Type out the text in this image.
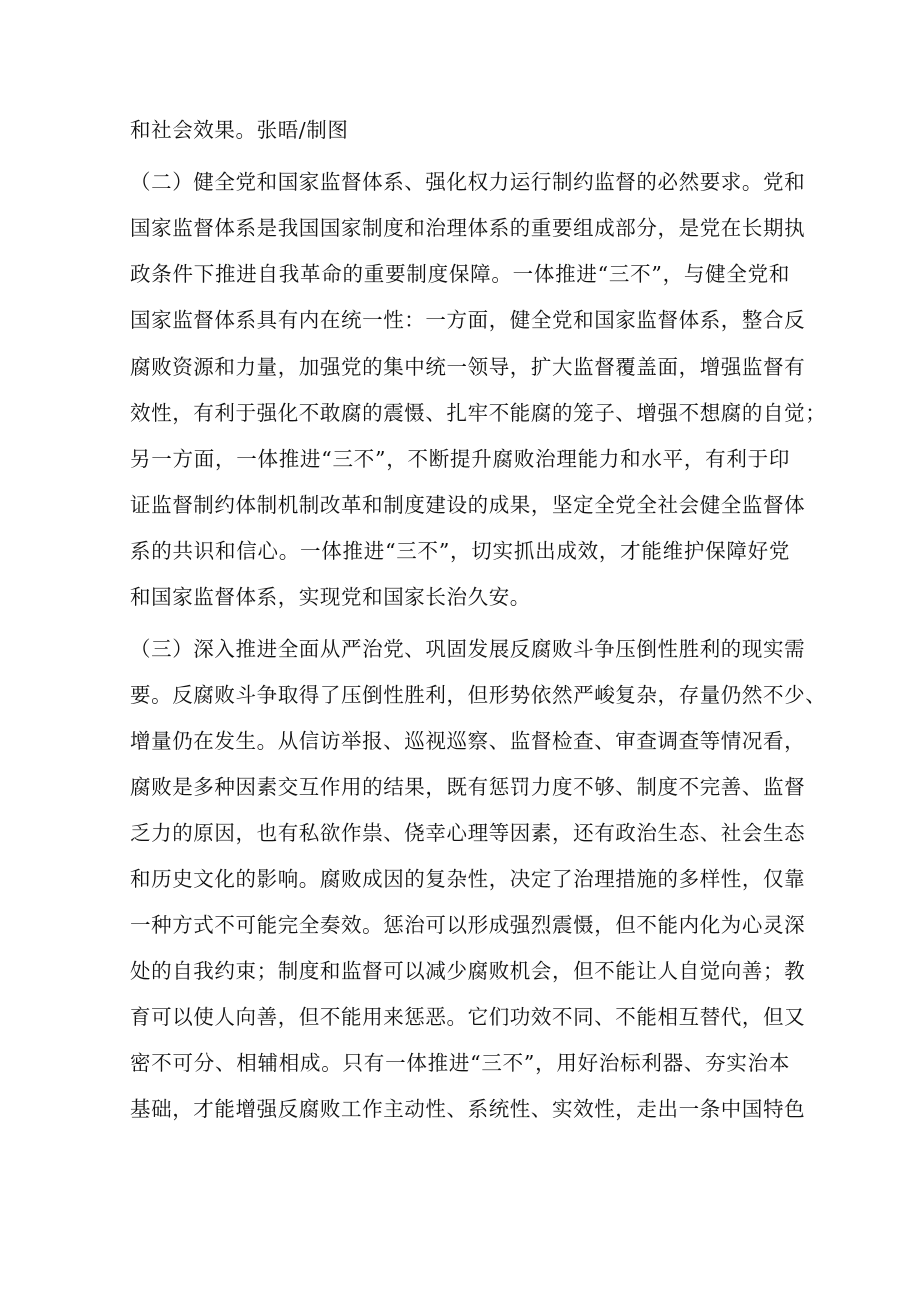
和社会效果。张晤/制图
（二）健全党和国家监督体系、强化权力运行制约监督的必然要求。党和
国家监督体系是我国国家制度和治理体系的重要组成部分，是党在长期执
政条件下推进自我革命的重要制度保障。一体推进“三不”，与健全党和
国家监督体系具有内在统一性：一方面，健全党和国家监督体系，整合反
腐败资源和力量，加强党的集中统一领导，扩大监督覆盖面，增强监督有
效性，有利于强化不敢腐的震慑、扎牢不能腐的笼子、增强不想腐的自觉；
另一方面，一体推进“三不”，不断提升腐败治理能力和水平，有利于印
证监督制约体制机制改革和制度建设的成果，坚定全党全社会健全监督体
系的共识和信心。一体推进“三不”，切实抓出成效，才能维护保障好党
和国家监督体系，实现党和国家长治久安。
（三）深入推进全面从严治党、巩固发展反腐败斗争压倒性胜利的现实需
要。反腐败斗争取得了压倒性胜利，但形势依然严峻复杂，存量仍然不少、
增量仍在发生。从信访举报、巡视巡察、监督检查、审查调查等情况看，
腐败是多种因素交互作用的结果，既有惩罚力度不够、制度不完善、监督
乏力的原因，也有私欲作祟、侥幸心理等因素，还有政治生态、社会生态
和历史文化的影响。腐败成因的复杂性，决定了治理措施的多样性，仅靠
一种方式不可能完全奏效。惩治可以形成强烈震慑，但不能内化为心灵深
处的自我约束；制度和监督可以减少腐败机会，但不能让人自觉向善；教
育可以使人向善，但不能用来惩恶。它们功效不同、不能相互替代，但又
密不可分、相辅相成。只有一体推进“三不”，用好治标利器、夯实治本
基础，才能增强反腐败工作主动性、系统性、实效性，走出一条中国特色
